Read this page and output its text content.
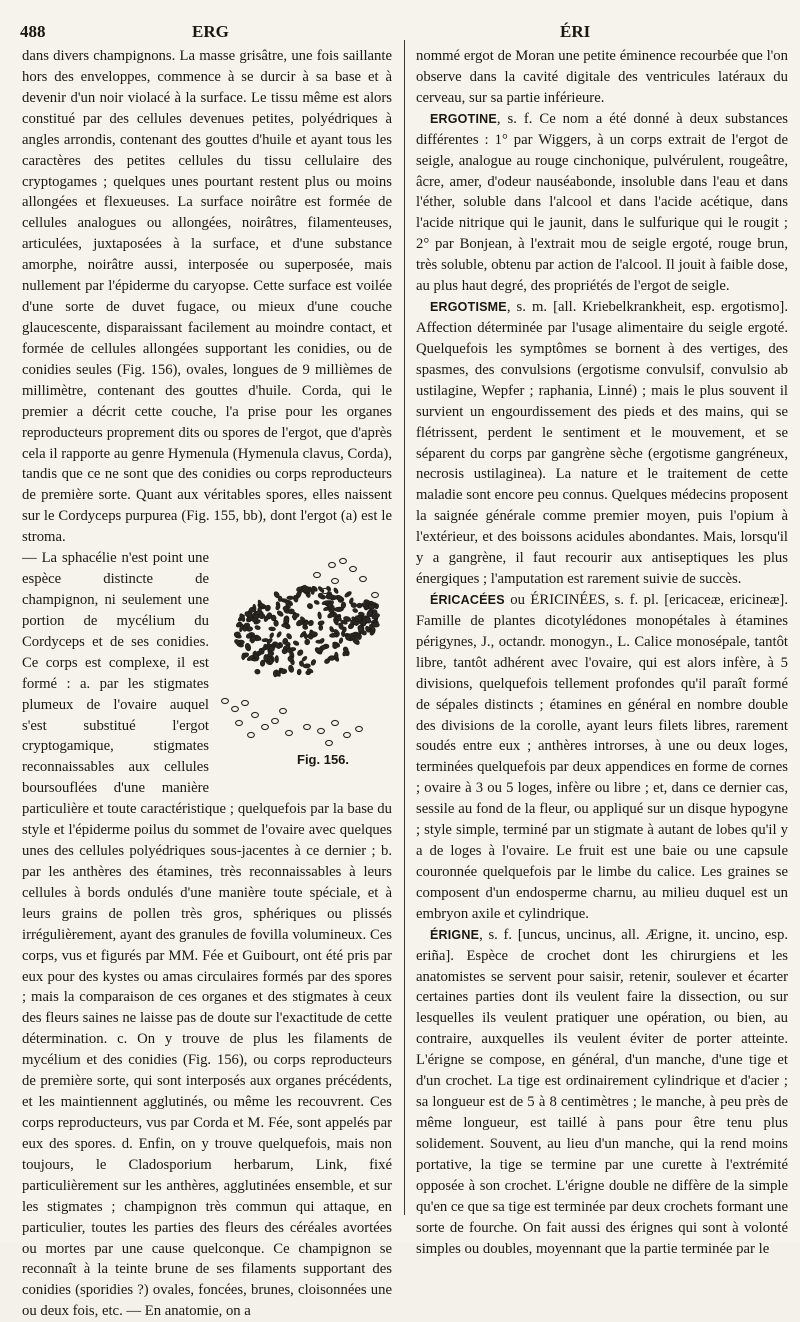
488	ERG	ÉRI

dans divers champignons. La masse grisâtre, une fois saillante hors des enveloppes, commence à se durcir à sa base et à devenir d'un noir violacé à la surface. Le tissu même est alors constitué par des cellules devenues petites, polyédriques à angles arrondis, contenant des gouttes d'huile et ayant tous les caractères des petites cellules du tissu cellulaire des cryptogames ; quelques unes pourtant restent plus ou moins allongées et flexueuses. La surface noirâtre est formée de cellules analogues ou allongées, noirâtres, filamenteuses, articulées, juxtaposées à la surface, et d'une substance amorphe, noirâtre aussi, interposée ou superposée, mais nullement par l'épiderme du caryopse. Cette surface est voilée d'une sorte de duvet fugace, ou mieux d'une couche glaucescente, disparaissant facilement au moindre contact, et formée de cellules allongées supportant les conidies, ou de conidies seules (Fig. 156), ovales, longues de 9 millièmes de millimètre, contenant des gouttes d'huile. Corda, qui le premier a décrit cette couche, l'a prise pour les organes reproducteurs proprement dits ou spores de l'ergot, que d'après cela il rapporte au genre Hymenula (Hymenula clavus, Corda), tandis que ce ne sont que des conidies ou corps reproducteurs de première sorte. Quant aux véritables spores, elles naissent sur le Cordyceps purpurea (Fig. 155, bb), dont l'ergot (a) est le stroma.

Fig. 156.

— La sphacélie n'est point une espèce distincte de champignon, ni seulement une portion de mycélium du Cordyceps et de ses conidies. Ce corps est complexe, il est formé : a. par les stigmates plumeux de l'ovaire auquel s'est substitué l'ergot cryptogamique, stigmates reconnaissables aux cellules boursouflées d'une manière particulière et toute caractéristique ; quelquefois par la base du style et l'épiderme poilus du sommet de l'ovaire avec quelques unes des cellules polyédriques sous-jacentes à ce dernier ; b. par les anthères des étamines, très reconnaissables à leurs cellules à bords ondulés d'une manière toute spéciale, et à leurs grains de pollen très gros, sphériques ou plissés irrégulièrement, ayant des granules de fovilla volumineux. Ces corps, vus et figurés par MM. Fée et Guibourt, ont été pris par eux pour des kystes ou amas circulaires formés par des spores ; mais la comparaison de ces organes et des stigmates à ceux des fleurs saines ne laisse pas de doute sur l'exactitude de cette détermination. c. On y trouve de plus les filaments de mycélium et des conidies (Fig. 156), ou corps reproducteurs de première sorte, qui sont interposés aux organes précédents, et les maintiennent agglutinés, ou même les recouvrent. Ces corps reproducteurs, vus par Corda et M. Fée, sont appelés par eux des spores. d. Enfin, on y trouve quelquefois, mais non toujours, le Cladosporium herbarum, Link, fixé particulièrement sur les anthères, agglutinées ensemble, et sur les stigmates ; champignon très commun qui attaque, en particulier, toutes les parties des fleurs des céréales avortées ou mortes par une cause quelconque. Ce champignon se reconnaît à la teinte brune de ses filaments supportant des conidies (sporidies ?) ovales, foncées, brunes, cloisonnées une ou deux fois, etc. — En anatomie, on a

nommé ergot de Moran une petite éminence recourbée que l'on observe dans la cavité digitale des ventricules latéraux du cerveau, sur sa partie inférieure.

ERGOTINE, s. f. Ce nom a été donné à deux substances différentes : 1° par Wiggers, à un corps extrait de l'ergot de seigle, analogue au rouge cinchonique, pulvérulent, rougeâtre, âcre, amer, d'odeur nauséabonde, insoluble dans l'eau et dans l'éther, soluble dans l'alcool et dans l'acide acétique, dans l'acide nitrique qui le jaunit, dans le sulfurique qui le rougit ; 2° par Bonjean, à l'extrait mou de seigle ergoté, rouge brun, très soluble, obtenu par action de l'alcool. Il jouit à faible dose, au plus haut degré, des propriétés de l'ergot de seigle.

ERGOTISME, s. m. [all. Kriebelkrankheit, esp. ergotismo]. Affection déterminée par l'usage alimentaire du seigle ergoté. Quelquefois les symptômes se bornent à des vertiges, des spasmes, des convulsions (ergotisme convulsif, convulsio ab ustilagine, Wepfer ; raphania, Linné) ; mais le plus souvent il survient un engourdissement des pieds et des mains, qui se flétrissent, perdent le sentiment et le mouvement, et se séparent du corps par gangrène sèche (ergotisme gangréneux, necrosis ustilaginea). La nature et le traitement de cette maladie sont encore peu connus. Quelques médecins proposent la saignée générale comme premier moyen, puis l'opium à l'extérieur, et des boissons acidules abondantes. Mais, lorsqu'il y a gangrène, il faut recourir aux antiseptiques les plus énergiques ; l'amputation est rarement suivie de succès.

ÉRICACÉES ou ÉRICINÉES, s. f. pl. [ericaceæ, ericineæ]. Famille de plantes dicotylédones monopétales à étamines périgynes, J., octandr. monogyn., L. Calice monosépale, tantôt libre, tantôt adhérent avec l'ovaire, qui est alors infère, à 5 divisions, quelquefois tellement profondes qu'il paraît formé de sépales distincts ; étamines en général en nombre double des divisions de la corolle, ayant leurs filets libres, rarement soudés entre eux ; anthères introrses, à une ou deux loges, terminées quelquefois par deux appendices en forme de cornes ; ovaire à 3 ou 5 loges, infère ou libre ; et, dans ce dernier cas, sessile au fond de la fleur, ou appliqué sur un disque hypogyne ; style simple, terminé par un stigmate à autant de lobes qu'il y a de loges à l'ovaire. Le fruit est une baie ou une capsule couronnée quelquefois par le limbe du calice. Les graines se composent d'un endosperme charnu, au milieu duquel est un embryon axile et cylindrique.

ÉRIGNE, s. f. [uncus, uncinus, all. Ærigne, it. uncino, esp. eriña]. Espèce de crochet dont les chirurgiens et les anatomistes se servent pour saisir, retenir, soulever et écarter certaines parties dont ils veulent faire la dissection, ou sur lesquelles ils veulent pratiquer une opération, ou bien, au contraire, auxquelles ils veulent éviter de porter atteinte. L'érigne se compose, en général, d'un manche, d'une tige et d'un crochet. La tige est ordinairement cylindrique et d'acier ; sa longueur est de 5 à 8 centimètres ; le manche, à peu près de même longueur, est taillé à pans pour être tenu plus solidement. Souvent, au lieu d'un manche, qui la rend moins portative, la tige se termine par une curette à l'extrémité opposée à son crochet. L'érigne double ne diffère de la simple qu'en ce que sa tige est terminée par deux crochets formant une sorte de fourche. On fait aussi des érignes qui sont à volonté simples ou doubles, moyennant que la partie terminée par le
